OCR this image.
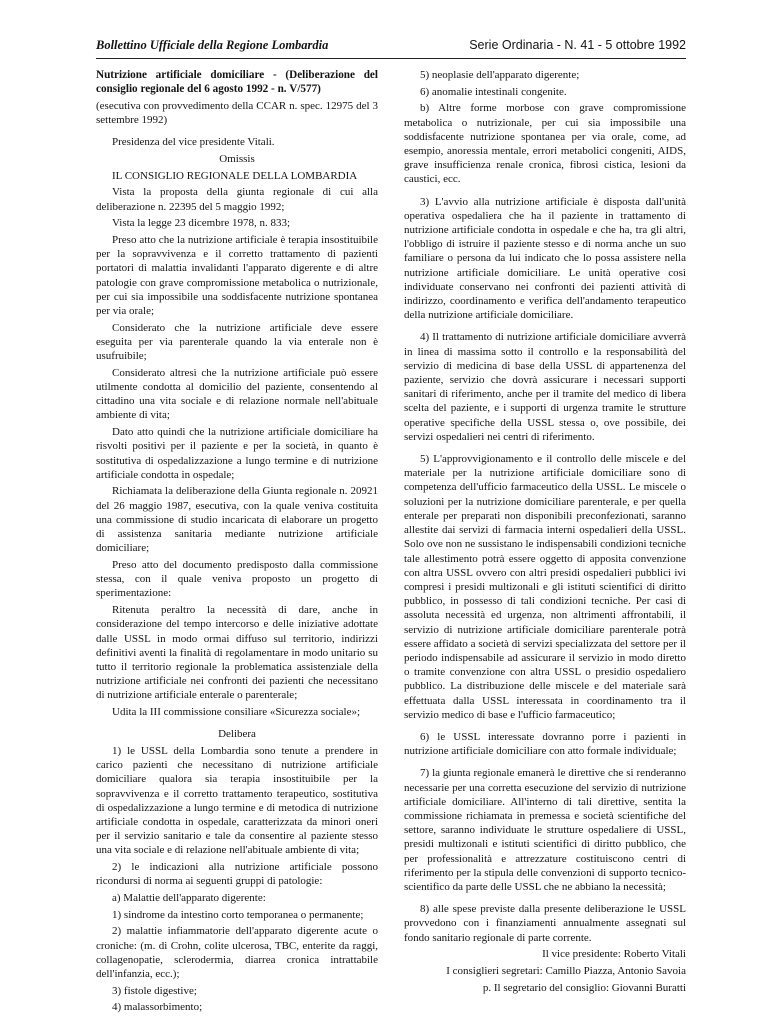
Bollettino Ufficiale della Regione Lombardia	Serie Ordinaria - N. 41 - 5 ottobre 1992

Nutrizione artificiale domiciliare - (Deliberazione del consiglio regionale del 6 agosto 1992 - n. V/577)

(esecutiva con provvedimento della CCAR n. spec. 12975 del 3 settembre 1992)

Presidenza del vice presidente Vitali.

Omissis

IL CONSIGLIO REGIONALE DELLA LOMBARDIA

Vista la proposta della giunta regionale di cui alla deliberazione n. 22395 del 5 maggio 1992;

Vista la legge 23 dicembre 1978, n. 833;

Preso atto che la nutrizione artificiale è terapia insostituibile per la sopravvivenza e il corretto trattamento di pazienti portatori di malattia invalidanti l'apparato digerente e di altre patologie con grave compromissione metabolica o nutrizionale, per cui sia impossibile una soddisfacente nutrizione spontanea per via orale;

Considerato che la nutrizione artificiale deve essere eseguita per via parenterale quando la via enterale non è usufruibile;

Considerato altresì che la nutrizione artificiale può essere utilmente condotta al domicilio del paziente, consentendo al cittadino una vita sociale e di relazione normale nell'abituale ambiente di vita;

Dato atto quindi che la nutrizione artificiale domiciliare ha risvolti positivi per il paziente e per la società, in quanto è sostitutiva di ospedalizzazione a lungo termine e di nutrizione artificiale condotta in ospedale;

Richiamata la deliberazione della Giunta regionale n. 20921 del 26 maggio 1987, esecutiva, con la quale veniva costituita una commissione di studio incaricata di elaborare un progetto di assistenza sanitaria mediante nutrizione artificiale domiciliare;

Preso atto del documento predisposto dalla commissione stessa, con il quale veniva proposto un progetto di sperimentazione:

Ritenuta peraltro la necessità di dare, anche in considerazione del tempo intercorso e delle iniziative adottate dalle USSL in modo ormai diffuso sul territorio, indirizzi definitivi aventi la finalità di regolamentare in modo unitario su tutto il territorio regionale la problematica assistenziale della nutrizione artificiale nei confronti dei pazienti che necessitano di nutrizione artificiale enterale o parenterale;

Udita la III commissione consiliare «Sicurezza sociale»;

Delibera

1) le USSL della Lombardia sono tenute a prendere in carico pazienti che necessitano di nutrizione artificiale domiciliare qualora sia terapia insostituibile per la sopravvivenza e il corretto trattamento terapeutico, sostitutiva di ospedalizzazione a lungo termine e di metodica di nutrizione artificiale condotta in ospedale, caratterizzata da minori oneri per il servizio sanitario e tale da consentire al paziente stesso una vita sociale e di relazione nell'abituale ambiente di vita;

2) le indicazioni alla nutrizione artificiale possono ricondursi di norma ai seguenti gruppi di patologie:

a) Malattie dell'apparato digerente:

1) sindrome da intestino corto temporanea o permanente;

2) malattie infiammatorie dell'apparato digerente acute o croniche: (m. di Crohn, colite ulcerosa, TBC, enterite da raggi, collagenopatie, sclerodermia, diarrea cronica intrattabile dell'infanzia, ecc.);

3) fistole digestive;

4) malassorbimento;

5) neoplasie dell'apparato digerente;

6) anomalie intestinali congenite.

b) Altre forme morbose con grave compromissione metabolica o nutrizionale, per cui sia impossibile una soddisfacente nutrizione spontanea per via orale, come, ad esempio, anoressia mentale, errori metabolici congeniti, AIDS, grave insufficienza renale cronica, fibrosi cistica, lesioni da caustici, ecc.

3) L'avvio alla nutrizione artificiale è disposta dall'unità operativa ospedaliera che ha il paziente in trattamento di nutrizione artificiale condotta in ospedale e che ha, tra gli altri, l'obbligo di istruire il paziente stesso e di norma anche un suo familiare o persona da lui indicato che lo possa assistere nella nutrizione artificiale domiciliare. Le unità operative così individuate conservano nei confronti dei pazienti attività di indirizzo, coordinamento e verifica dell'andamento terapeutico della nutrizione artificiale domiciliare.

4) Il trattamento di nutrizione artificiale domiciliare avverrà in linea di massima sotto il controllo e la responsabilità del servizio di medicina di base della USSL di appartenenza del paziente, servizio che dovrà assicurare i necessari supporti sanitari di riferimento, anche per il tramite del medico di libera scelta del paziente, e i supporti di urgenza tramite le strutture operative specifiche della USSL stessa o, ove possibile, dei servizi ospedalieri nei centri di riferimento.

5) L'approvvigionamento e il controllo delle miscele e del materiale per la nutrizione artificiale domiciliare sono di competenza dell'ufficio farmaceutico della USSL. Le miscele o soluzioni per la nutrizione domiciliare parenterale, e per quella enterale per preparati non disponibili preconfezionati, saranno allestite dai servizi di farmacia interni ospedalieri della USSL. Solo ove non ne sussistano le indispensabili condizioni tecniche tale allestimento potrà essere oggetto di apposita convenzione con altra USSL ovvero con altri presidi ospedalieri pubblici ivi compresi i presidi multizonali e gli istituti scientifici di diritto pubblico, in possesso di tali condizioni tecniche. Per casi di assoluta necessità ed urgenza, non altrimenti affrontabili, il servizio di nutrizione artificiale domiciliare parenterale potrà essere affidato a società di servizi specializzata del settore per il periodo indispensabile ad assicurare il servizio in modo diretto o tramite convenzione con altra USSL o presidio ospedaliero pubblico. La distribuzione delle miscele e del materiale sarà effettuata dalla USSL interessata in coordinamento tra il servizio medico di base e l'ufficio farmaceutico;

6) le USSL interessate dovranno porre i pazienti in nutrizione artificiale domiciliare con atto formale individuale;

7) la giunta regionale emanerà le direttive che si renderanno necessarie per una corretta esecuzione del servizio di nutrizione artificiale domiciliare. All'interno di tali direttive, sentita la commissione richiamata in premessa e società scientifiche del settore, saranno individuate le strutture ospedaliere di USSL, presidi multizonali e istituti scientifici di diritto pubblico, che per professionalità e attrezzature costituiscono centri di riferimento per la stipula delle convenzioni di supporto tecnico-scientifico da parte delle USSL che ne abbiano la necessità;

8) alle spese previste dalla presente deliberazione le USSL provvedono con i finanziamenti annualmente assegnati sul fondo sanitario regionale di parte corrente.

Il vice presidente: Roberto Vitali

I consiglieri segretari: Camillo Piazza, Antonio Savoia

p. Il segretario del consiglio: Giovanni Buratti
